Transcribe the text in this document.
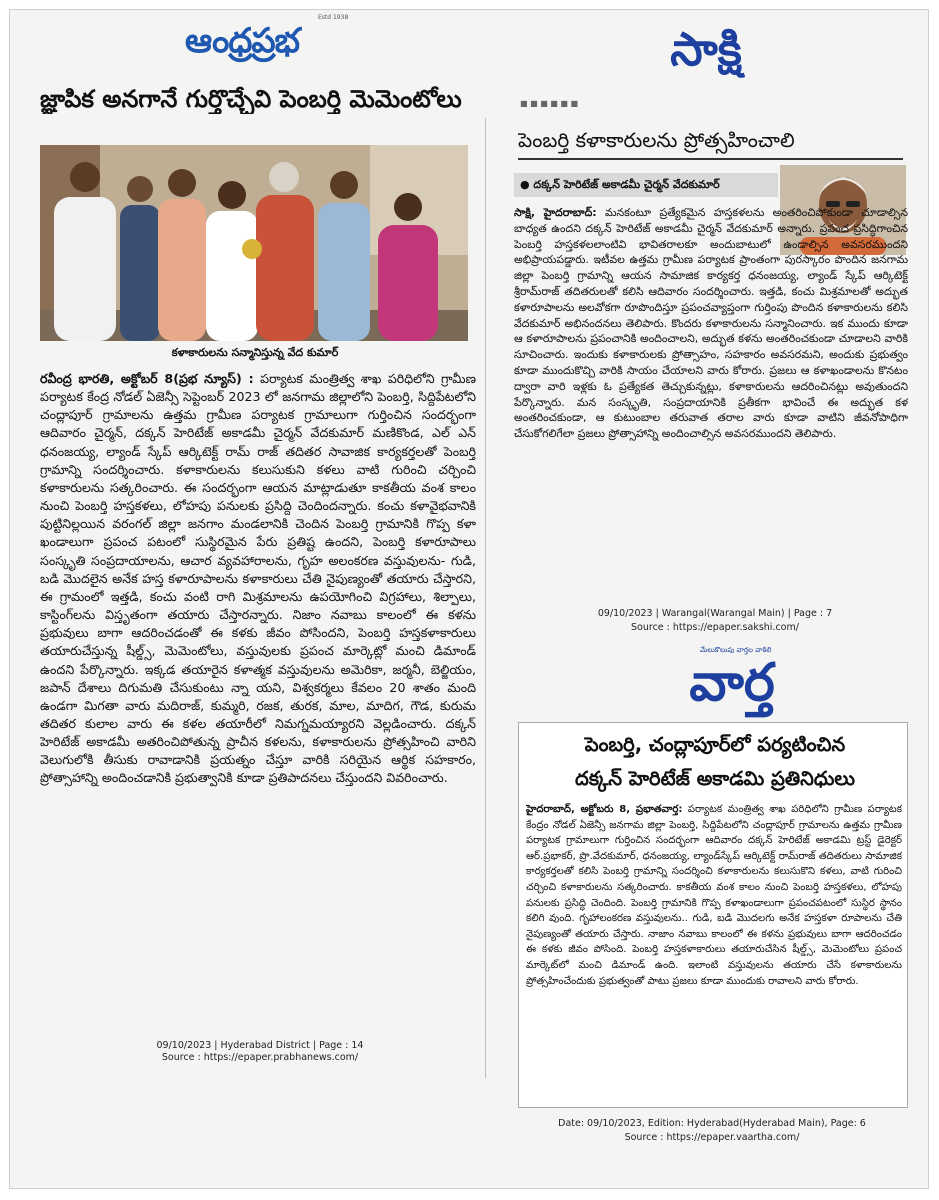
ఆంధ్రప్రభ
Estd 1938
సాక్షి
జ్ఞాపిక అనగానే గుర్తొచ్చేవి పెంబర్తి మెమెంటోలు
కళాకారులను సన్మానిస్తున్న వేద కుమార్
రవీంద్ర భారతి, అక్టోబర్ 8(ప్రభ న్యూస్) : పర్యాటక మంత్రిత్వ శాఖ పరిధిలోని గ్రామీణ పర్యాటక కేంద్ర నోడల్ ఏజెన్సీ సెప్టెంబర్ 2023 లో జనగామ జిల్లాలోని పెంబర్తి, సిద్దిపేటలోని చంద్లాపూర్ గ్రామాలను ఉత్తమ గ్రామీణ పర్యాటక గ్రామాలుగా గుర్తించిన సందర్భంగా ఆదివారం చైర్మన్, దక్కన్ హెరిటేజ్ అకాడమీ చైర్మన్ వేదకుమార్ మణికొండ, ఎల్ ఎన్ ధనంజయ్య, ల్యాండ్ స్కేప్ ఆర్కిటెక్ట్ రామ్ రాజ్ తదితర సావాజిక కార్యకర్తలతో పెంబర్తి గ్రామాన్ని సందర్శించారు. కళాకారులను కలుసుకుని కళలు వాటి గురించి చర్చించి కళాకారులను సత్కరించారు. ఈ సందర్భంగా ఆయన మాట్లాడుతూ కాకతీయ వంశ కాలం నుంచి పెంబర్తి హస్తకళలు, లోహపు పనులకు ప్రసిద్ది చెందిందన్నారు. కంచు కళావైభవానికి పుట్టినిల్లయిన వరంగల్ జిల్లా జనగాం మండలానికి చెందిన పెంబర్తి గ్రామానికి గొప్ప కళా ఖండాలుగా ప్రపంచ పటంలో సుస్థిరమైన పేరు ప్రతిష్ట ఉందని, పెంబర్తి కళారూపాలు సంస్కృతి సంప్రదాయాలను, ఆచార వ్యవహారాలను, గృహ అలంకరణ వస్తువులను- గుడి, బడి మొదలైన అనేక హస్త కళారూపాలను కళాకారులు చేతి నైపుణ్యంతో తయారు చేస్తారని, ఈ గ్రామంలో ఇత్తడి, కంచు వంటి రాగి మిశ్రమాలను ఉపయోగించి విగ్రహాలు, శిల్పాలు, కాస్టింగ్‌లను విస్తృతంగా తయారు చేస్తారన్నారు. నిజాం నవాబు కాలంలో ఈ కళను ప్రభువులు బాగా ఆదరించడంతో ఈ కళకు జీవం పోసిందని, పెంబర్తి హస్తకళాకారులు తయారుచేస్తున్న షీల్డ్స్, మెమెంటోలు, వస్తువులకు ప్రపంచ మార్కెట్లో మంచి డిమాండ్ ఉందని పేర్కొన్నారు. ఇక్కడ తయారైన కళాత్మక వస్తువులను అమెరికా, జర్మనీ, బెల్జియం, జపాన్ దేశాలు దిగుమతి చేసుకుంటు న్నా యని, విశ్వకర్మలు కేవలం 20 శాతం మంది ఉండగా మిగతా వారు మదిరాజ్, కుమ్మరి, రజక, తురక, మాల, మాదిగ, గౌడ, కురుమ తదితర కులాల వారు ఈ కళల తయారీలో నిమగ్నమయ్యారని వెల్లడించారు. దక్కన్ హెరిటేజ్ అకాడమీ అతరించిపోతున్న ప్రాచీన కళలను, కళాకారులను ప్రోత్సహించి వారిని వెలుగులోకి తీసుకు రావాడానికి ప్రయత్నం చేస్తూ వారికి సరియైన ఆర్థిక సహకారం, ప్రోత్సాహాన్ని అందించడానికి ప్రభుత్వానికి కూడా ప్రతిపాదనలు చేస్తుందని వివరించారు.
09/10/2023 | Hyderabad District | Page : 14
Source : https://epaper.prabhanews.com/
■ ■ ■ ■ ■ ■
పెంబర్తి కళాకారులను ప్రోత్సహించాలి
● దక్కన్ హెరిటేజ్ అకాడమీ చైర్మన్ వేదకుమార్
సాక్షి, హైదరాబాద్: మనకంటూ ప్రత్యేకమైన హస్తకళలను అంతరించిపోకుండా చూడాల్సిన బాధ్యత ఉందని దక్కన్ హెరిటేజ్ అకాడమీ చైర్మన్ వేదకుమార్ అన్నారు. ప్రపంచ ప్రసిద్ధిగాంచిన పెంబర్తి హస్తకళలలాంటివి భావితరాలకూ అందుబాటులో ఉండాల్సిన అవసరముందని అభిప్రాయపడ్డారు. ఇటీవల ఉత్తమ గ్రామీణ పర్యాటక ప్రాంతంగా పురస్కారం పొందిన జనగామ జిల్లా పెంబర్తి గ్రామాన్ని ఆయన సామాజిక కార్యకర్త ధనంజయ్య, ల్యాండ్ స్కేప్ ఆర్కిటెక్ట్ శ్రీరామ్‌రాజ్ తదితరులతో కలిసి ఆదివారం సందర్శించారు. ఇత్తడి, కంచు మిశ్రమాలతో అద్భుత కళారూపాలను అలవోకగా రూపొందిస్తూ ప్రపంచవ్యాప్తంగా గుర్తింపు పొందిన కళాకారులను కలిసి వేదకుమార్ అభినందనలు తెలిపారు. కొందరు కళాకారులను సన్మానించారు. ఇక ముందు కూడా ఆ కళారూపాలను ప్రపంచానికి అందించాలని, అద్భుత కళను అంతరించకుండా చూడాలని వారికి సూచించారు. ఇందుకు కళాకారులకు ప్రోత్సాహం, సహకారం అవసరమని, అందుకు ప్రభుత్వం కూడా ముందుకొచ్చి వారికి సాయం చేయాలని వారు కోరారు. ప్రజలు ఆ కళాఖండాలను కొనటం ద్వారా వారి ఇళ్లకు ఓ ప్రత్యేకత తెచ్చుకున్నట్లు, కళాకారులను ఆదరించినట్లు అవుతుందని పేర్కొన్నారు. మన సంస్కృతి, సంప్రదాయానికి ప్రతీకగా భావించే ఈ అద్భుత కళ అంతరించకుండా, ఆ కుటుంబాల తరువాత తరాల వారు కూడా వాటిని జీవనోపాధిగా చేసుకోగలిగేలా ప్రజలు ప్రోత్సాహాన్ని అందించాల్సిన అవసరముందని తెలిపారు.
09/10/2023 | Warangal(Warangal Main) | Page : 7
Source : https://epaper.sakshi.com/
మేలుకొలుపు వార్తల వాకిలి
వార్త
పెంబర్తి, చంద్లాపూర్‌లో పర్యటించిన
దక్కన్ హెరిటేజ్ అకాడమి ప్రతినిధులు
హైదరాబాద్, అక్టోబరు 8, ప్రభాతవార్త: పర్యాటక మంత్రిత్వ శాఖ పరిధిలోని గ్రామీణ పర్యాటక కేంద్రం నోడల్ ఏజెన్సీ జనగామ జిల్లా పెంబర్తి, సిద్దిపేటలోని చంద్లాపూర్ గ్రామాలను ఉత్తమ గ్రామీణ పర్యాటక గ్రామాలుగా గుర్తించిన సందర్భంగా ఆదివారం దక్కన్ హెరిటేజ్ అకాడమి ట్రస్ట్ డైరెక్టర్ ఆర్.ప్రభాకర్, ప్రొ.వేదకుమార్, ధనంజయ్య, ల్యాండ్‌స్కేప్ ఆర్కిటెక్ట్ రామ్‌రాజ్ తదితరులు సామాజిక కార్యకర్తలతో కలిసి పెంబర్తి గ్రామాన్ని సందర్శించి కళాకారులను కలుసుకొని కళలు, వాటి గురించి చర్చించి కళాకారులను సత్కరించారు. కాకతీయ వంశ కాలం నుంచి పెంబర్తి హస్తకళలు, లోహపు పనులకు ప్రసిద్ధి చెందింది. పెంబర్తి గ్రామానికి గొప్ప కళాఖండాలుగా ప్రపంచపటంలో సుస్థిర స్థానం కలిగి వుంది. గృహాలంకరణ వస్తువులను.. గుడి, బడి మొదలగు అనేక హస్తకళా రూపాలను చేతి నైపుణ్యంతో తయారు చేస్తారు. నాజాం నవాబు కాలంలో ఈ కళను ప్రభువులు బాగా ఆదరించడం ఈ కళకు జీవం పోసింది. పెంబర్తి హస్తకళాకారులు తయారుచేసిన షీల్డ్స్, మెమెంటోలు ప్రపంచ మార్కెట్‌లో మంచి డిమాండ్ ఉంది. ఇలాంటి వస్తువులను తయారు చేసే కళాకారులను ప్రోత్సహించేందుకు ప్రభుత్వంతో పాటు ప్రజలు కూడా ముందుకు రావాలని వారు కోరారు.
Date: 09/10/2023, Edition: Hyderabad(Hyderabad Main), Page: 6
Source : https://epaper.vaartha.com/
